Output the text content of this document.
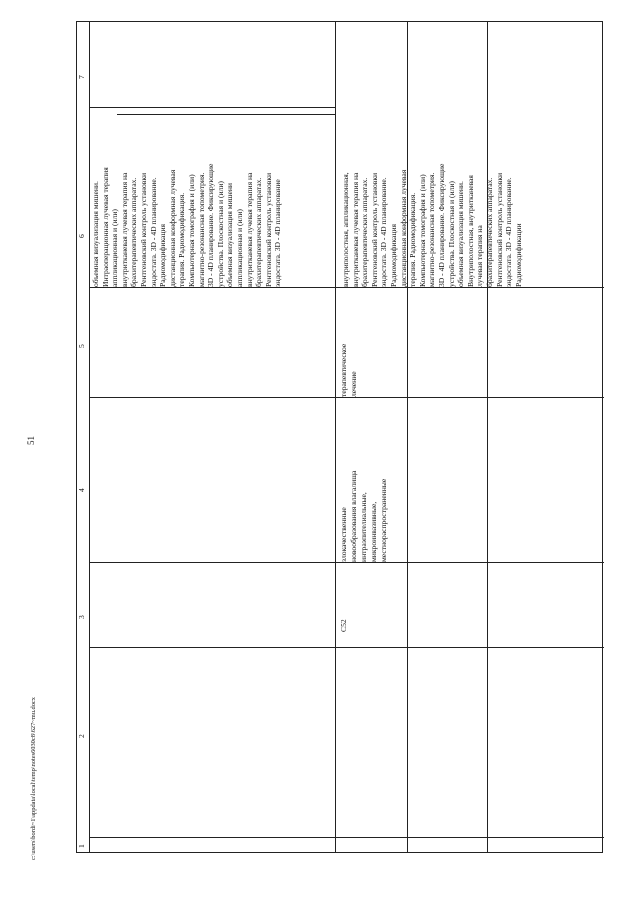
51
c:\users\bordi~1\appdata\local\temp\notes6030c8\627~mu.docx	1
2
3
4
5
6
7
C52
злокачественные новообразования влагалища интраэпителиальные, микроинвазивные, местнораспространенные
терапевтическое лечение
объемная визуализация мишени. Интраоперационная лучевая терапия аппликационная и (или) внутритканевая лучевая терапия на брахитерапевтических аппаратах. Рентгеновский контроль установки эндостата. 3D - 4D планирование. Радиомодификация дистанционная конформная лучевая терапия. Радиомодификация. Компьютерная томография и (или) магнитно-резонансная топометрия. 3D - 4D планирование. Фиксирующие устройства. Плоскостная и (или) объемная визуализация мишени аппликационная и (или) внутритканевая лучевая терапия на брахитерапевтических аппаратах. Рентгеновский контроль установки эндостата. 3D - 4D планирование	внутриполостная, аппликационная, внутритканевая лучевая терапия на брахитерапевтических аппаратах. Рентгеновский контроль установки эндостата. 3D - 4D планирование. Радиомодификация дистанционная конформная лучевая терапия. Радиомодификация. Компьютерная томография и (или) магнитно-резонансная топометрия. 3D - 4D планирование. Фиксирующие устройства. Плоскостная и (или) объемная визуализация мишени. Внутриполостная, внутритканевая лучевая терапия на брахитерапевтических аппаратах. Рентгеновский контроль установки эндостата. 3D - 4D планирование. Радиомодификации
